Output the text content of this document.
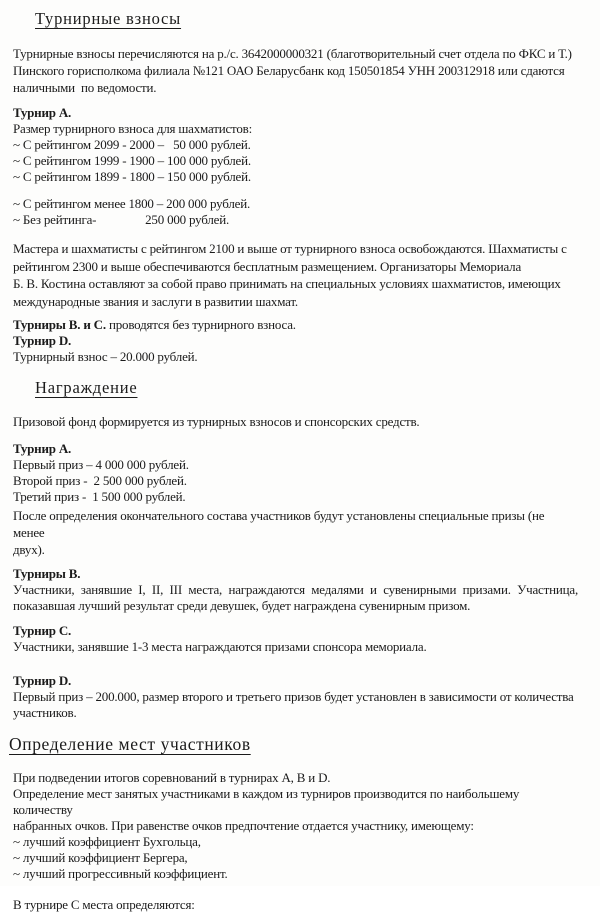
Турнирные взносы
Турнирные взносы перечисляются на р./с. 3642000000321 (благотворительный счет отдела по ФКС и Т.)
Пинского горисполкома филиала №121 ОАО Беларусбанк код 150501854 УНН 200312918 или сдаются
наличными  по ведомости.
Турнир А.
Размер турнирного взноса для шахматистов:
~ С рейтингом 2099 - 2000 –   50 000 рублей.
~ С рейтингом 1999 - 1900 – 100 000 рублей.
~ С рейтингом 1899 - 1800 – 150 000 рублей.
~ С рейтингом менее 1800 – 200 000 рублей.
~ Без рейтинга-                250 000 рублей.
Мастера и шахматисты с рейтингом 2100 и выше от турнирного взноса освобождаются. Шахматисты с
рейтингом 2300 и выше обеспечиваются бесплатным размещением. Организаторы Мемориала
Б. В. Костина оставляют за собой право принимать на специальных условиях шахматистов, имеющих
международные звания и заслуги в развитии шахмат.
Турниры В. и С. проводятся без турнирного взноса.
Турнир D.
Турнирный взнос – 20.000 рублей.
Награждение
Призовой фонд формируется из турнирных взносов и спонсорских средств.
Турнир А.
Первый приз – 4 000 000 рублей.
Второй приз -  2 500 000 рублей.
Третий приз -  1 500 000 рублей.
После определения окончательного состава участников будут установлены специальные призы (не менее
двух).
Турниры В.
Участники, занявшие I, II, III места, награждаются медалями и сувенирными призами. Участница,
показавшая лучший результат среди девушек, будет награждена сувенирным призом.
Турнир С.
Участники, занявшие 1-3 места награждаются призами спонсора мемориала.
Турнир D.
Первый приз – 200.000, размер второго и третьего призов будет установлен в зависимости от количества
участников.
Определение мест участников
При подведении итогов соревнований в турнирах А, В и D.
Определение мест занятых участниками в каждом из турниров производится по наибольшему количеству
набранных очков. При равенстве очков предпочтение отдается участнику, имеющему:
~ лучший коэффициент Бухгольца,
~ лучший коэффициент Бергера,
~ лучший прогрессивный коэффициент.
В турнире С места определяются:
